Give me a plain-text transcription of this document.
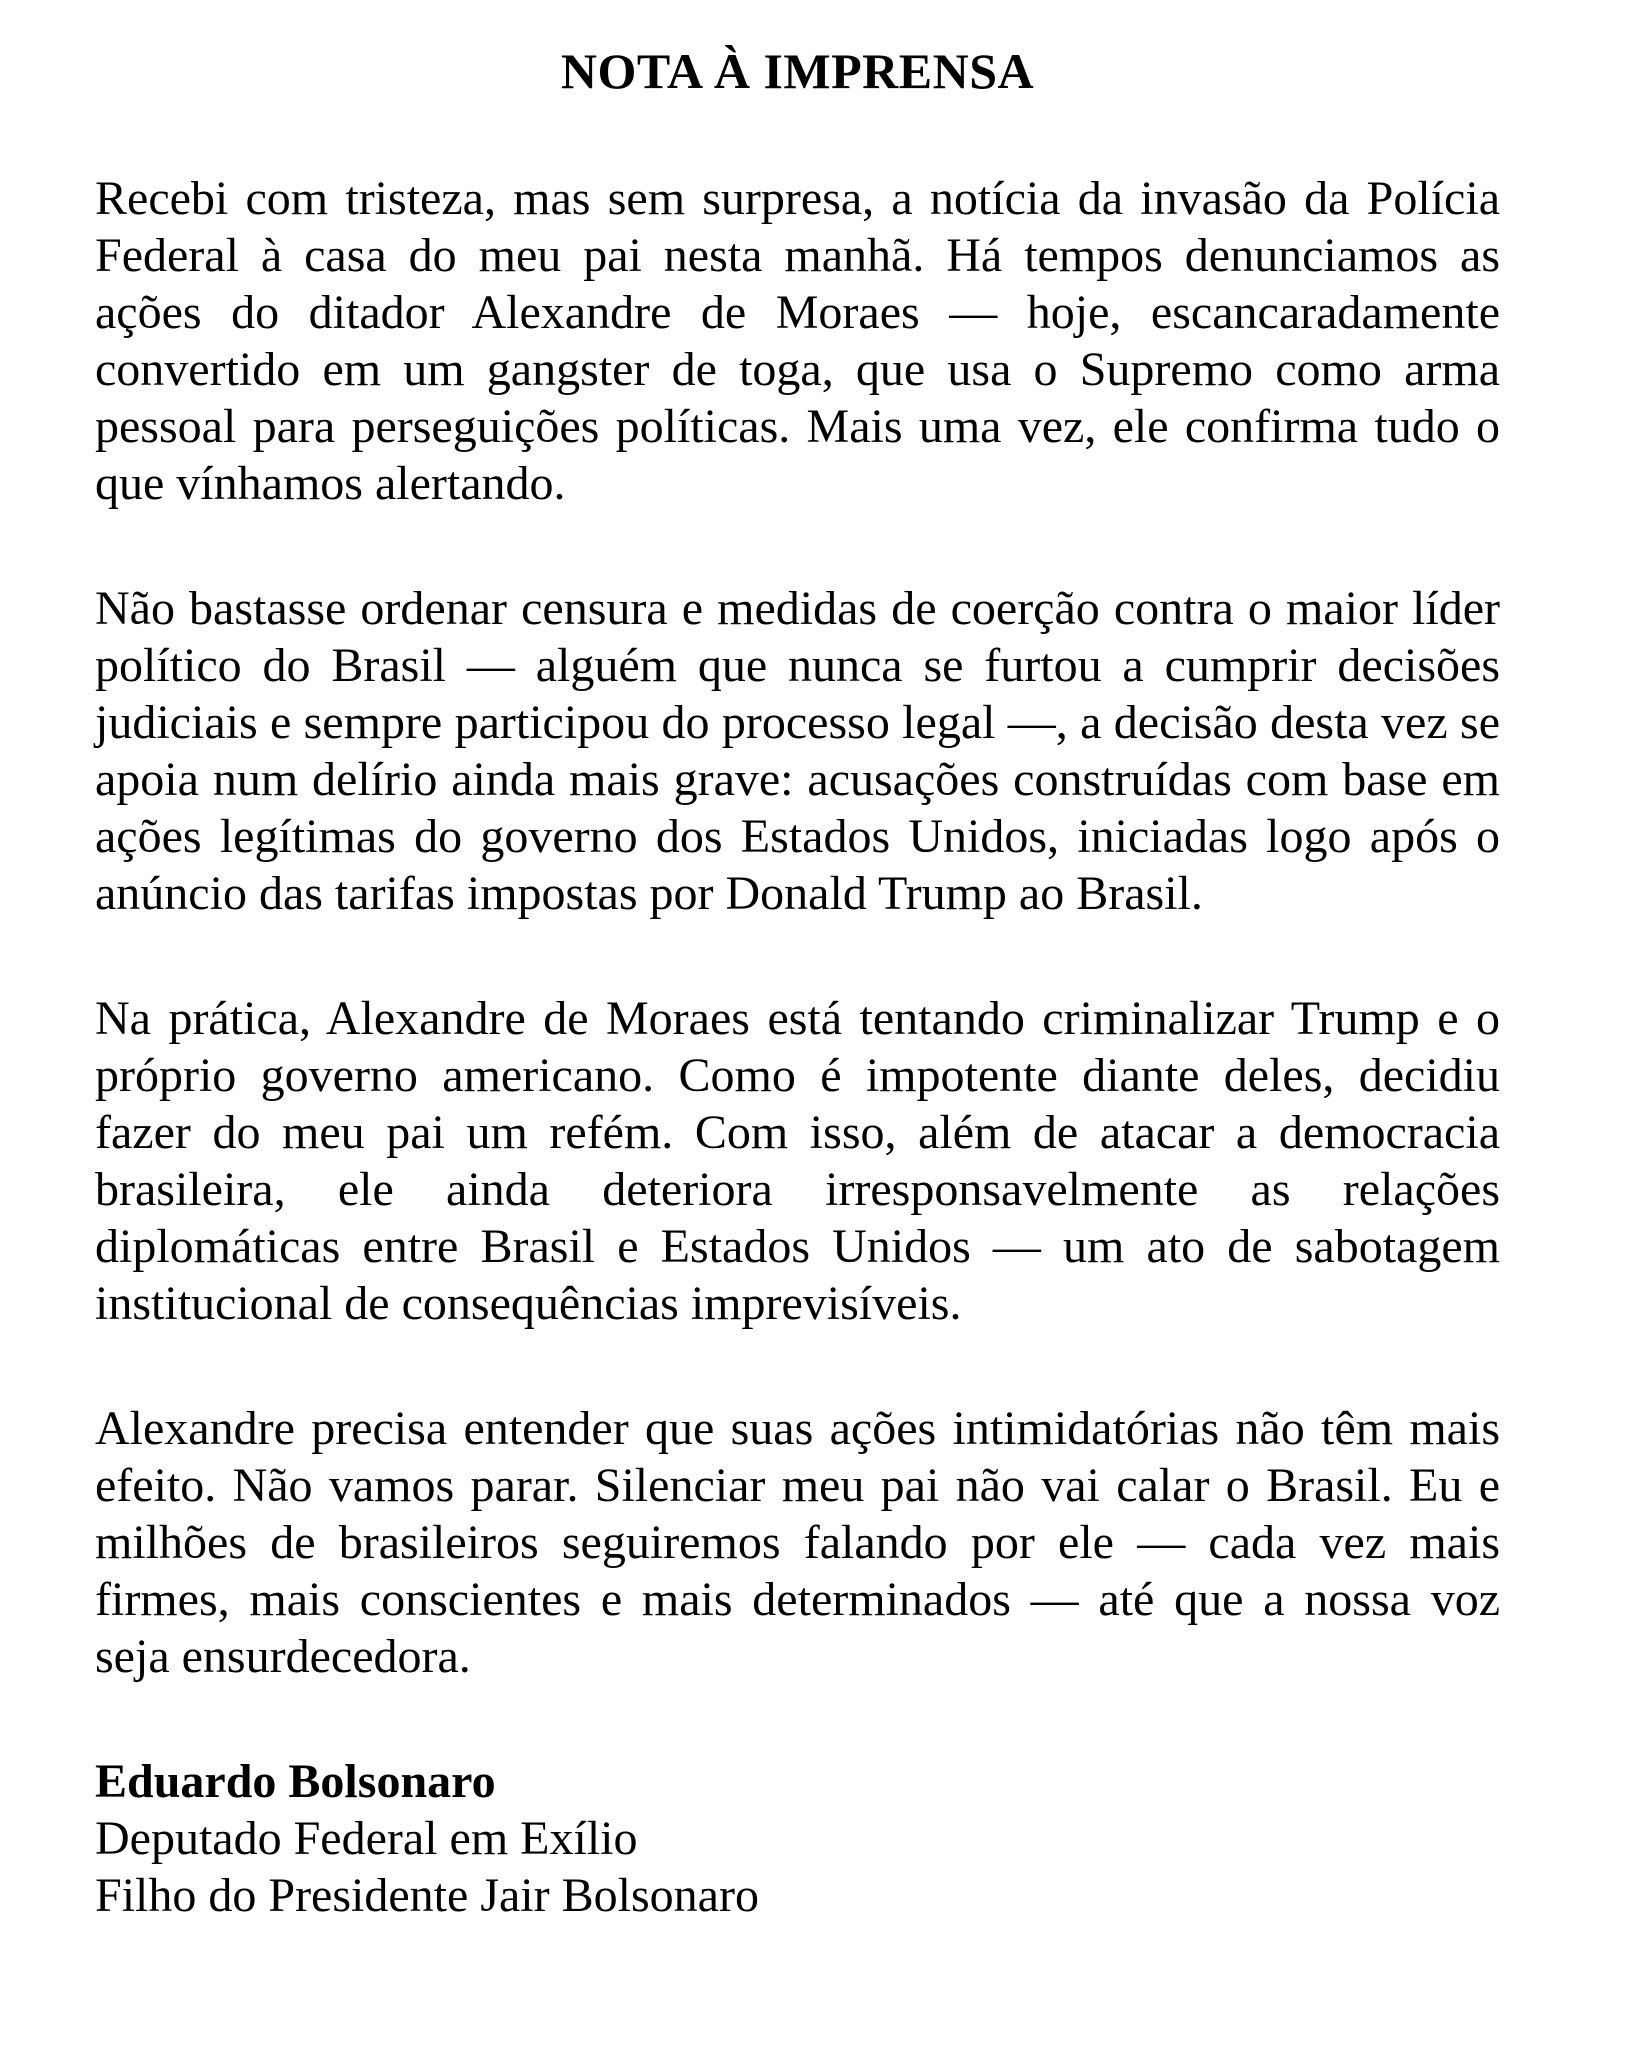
NOTA À IMPRENSA

Recebi com tristeza, mas sem surpresa, a notícia da invasão da Polícia Federal à casa do meu pai nesta manhã. Há tempos denunciamos as ações do ditador Alexandre de Moraes — hoje, escancaradamente convertido em um gangster de toga, que usa o Supremo como arma pessoal para perseguições políticas. Mais uma vez, ele confirma tudo o que vínhamos alertando.

Não bastasse ordenar censura e medidas de coerção contra o maior líder político do Brasil — alguém que nunca se furtou a cumprir decisões judiciais e sempre participou do processo legal —, a decisão desta vez se apoia num delírio ainda mais grave: acusações construídas com base em ações legítimas do governo dos Estados Unidos, iniciadas logo após o anúncio das tarifas impostas por Donald Trump ao Brasil.

Na prática, Alexandre de Moraes está tentando criminalizar Trump e o próprio governo americano. Como é impotente diante deles, decidiu fazer do meu pai um refém. Com isso, além de atacar a democracia brasileira, ele ainda deteriora irresponsavelmente as relações diplomáticas entre Brasil e Estados Unidos — um ato de sabotagem institucional de consequências imprevisíveis.

Alexandre precisa entender que suas ações intimidatórias não têm mais efeito. Não vamos parar. Silenciar meu pai não vai calar o Brasil. Eu e milhões de brasileiros seguiremos falando por ele — cada vez mais firmes, mais conscientes e mais determinados — até que a nossa voz seja ensurdecedora.

Eduardo Bolsonaro

Deputado Federal em Exílio

Filho do Presidente Jair Bolsonaro
